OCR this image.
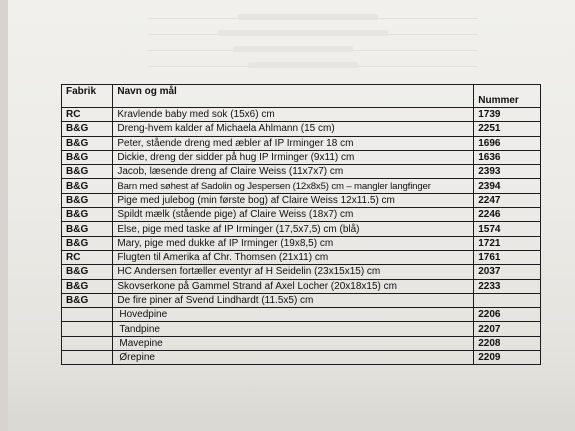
Fabrik	Navn og mål	Nummer
RC	Kravlende baby med sok (15x6) cm	1739
B&G	Dreng-hvem kalder af Michaela Ahlmann (15 cm)	2251
B&G	Peter, stående dreng med æbler af IP Irminger 18 cm	1696
B&G	Dickie, dreng der sidder på hug IP Irminger (9x11) cm	1636
B&G	Jacob, læsende dreng af Claire Weiss (11x7x7) cm	2393
B&G	Barn med søhest af Sadolin og Jespersen (12x8x5) cm – mangler langfinger	2394
B&G	Pige med julebog (min første bog) af Claire Weiss 12x11.5) cm	2247
B&G	Spildt mælk (stående pige) af Claire Weiss (18x7) cm	2246
B&G	Else, pige med taske af IP Irminger (17,5x7,5) cm (blå)	1574
B&G	Mary, pige med dukke af IP Irminger (19x8,5) cm	1721
RC	Flugten til Amerika af Chr. Thomsen (21x11) cm	1761
B&G	HC Andersen fortæller eventyr af H Seidelin (23x15x15) cm	2037
B&G	Skovserkone på Gammel Strand af Axel Locher (20x18x15) cm	2233
B&G	De fire piner af Svend Lindhardt (11.5x5) cm	
	Hovedpine	2206
	Tandpine	2207
	Mavepine	2208
	Ørepine	2209
